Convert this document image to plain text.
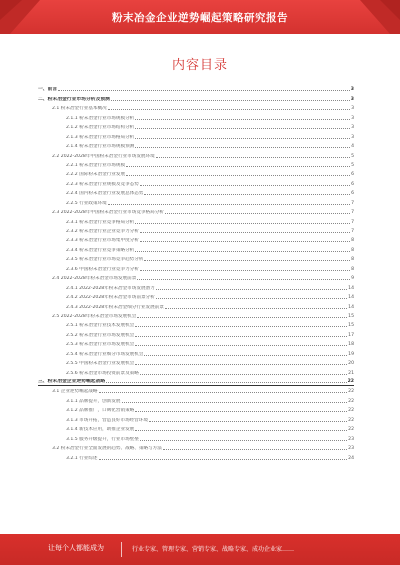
粉末冶金企业逆势崛起策略研究报告
内容目录
一、前言	3
二、粉末冶金行业市场分析及预测	3
2.1 粉末冶金行业基本概况	3
2.1.1 粉末冶金行业市场规模分析	3
2.1.2 粉末冶金行业市场结构分析	3
2.1.3 粉末冶金行业市场格局分析	3
2.1.4 粉末冶金行业市场规模预测	4
2.2 2022-2028年中国粉末冶金行业市场发展环境	5
2.2.1 粉末冶金行业市场规模	5
2.2.2 国际粉末冶金行业发展	6
2.2.3 粉末冶金行业规模及竞争态势	6
2.2.4 国内粉末冶金行业发展总体态势	6
2.2.5 行业政策环境	7
2.3 2022-2028年中国粉末冶金行业市场竞争格局分析	7
2.3.1 粉末冶金行业竞争格局分析	7
2.3.2 粉末冶金行业企业竞争力分析	7
2.3.3 粉末冶金行业市场集中度分析	8
2.3.4 粉末冶金行业竞争策略分析	8
2.3.5 粉末冶金行业市场竞争趋势分析	8
2.3.6 中国粉末冶金行业竞争力分析	8
2.4 2022-2028年粉末冶金市场发展前景	9
2.4.1 2022-2028年粉末冶金市场发展潜力	14
2.4.2 2022-2028年粉末冶金市场前景分析	14
2.4.3 2022-2028年粉末冶金细分行业发展前景	14
2.5 2022-2028年粉末冶金市场发展机会	15
2.5.1 粉末冶金行业技术发展机会	15
2.5.2 粉末冶金行业市场发展机会	17
2.5.3 粉末冶金行业市场发展机会	18
2.5.4 粉末冶金行业细分市场发展机会	19
2.5.5 中国粉末冶金行业发展机会	20
2.5.6 粉末冶金市场投资前景及策略	21
三、粉末冶金企业逆势崛起战略	22
3.1 企业逆势崛起战略	22
3.1.1 品牌提升，创新发展	22
3.1.2 品牌推广，口碑化营销策略	22
3.1.3 市场开拓，营造良好市场经营环境	22
3.1.4 新技术应用，助推企业发展	22
3.1.5 服务升级提升，行业市场壁垒	23
3.2 粉末冶金行业全面发展的趋势、战略、策略与方法	23
3.2.1 行业综述	24
让每个人都能成为	行业专家、管理专家、营销专家、战略专家、成功企业家……
